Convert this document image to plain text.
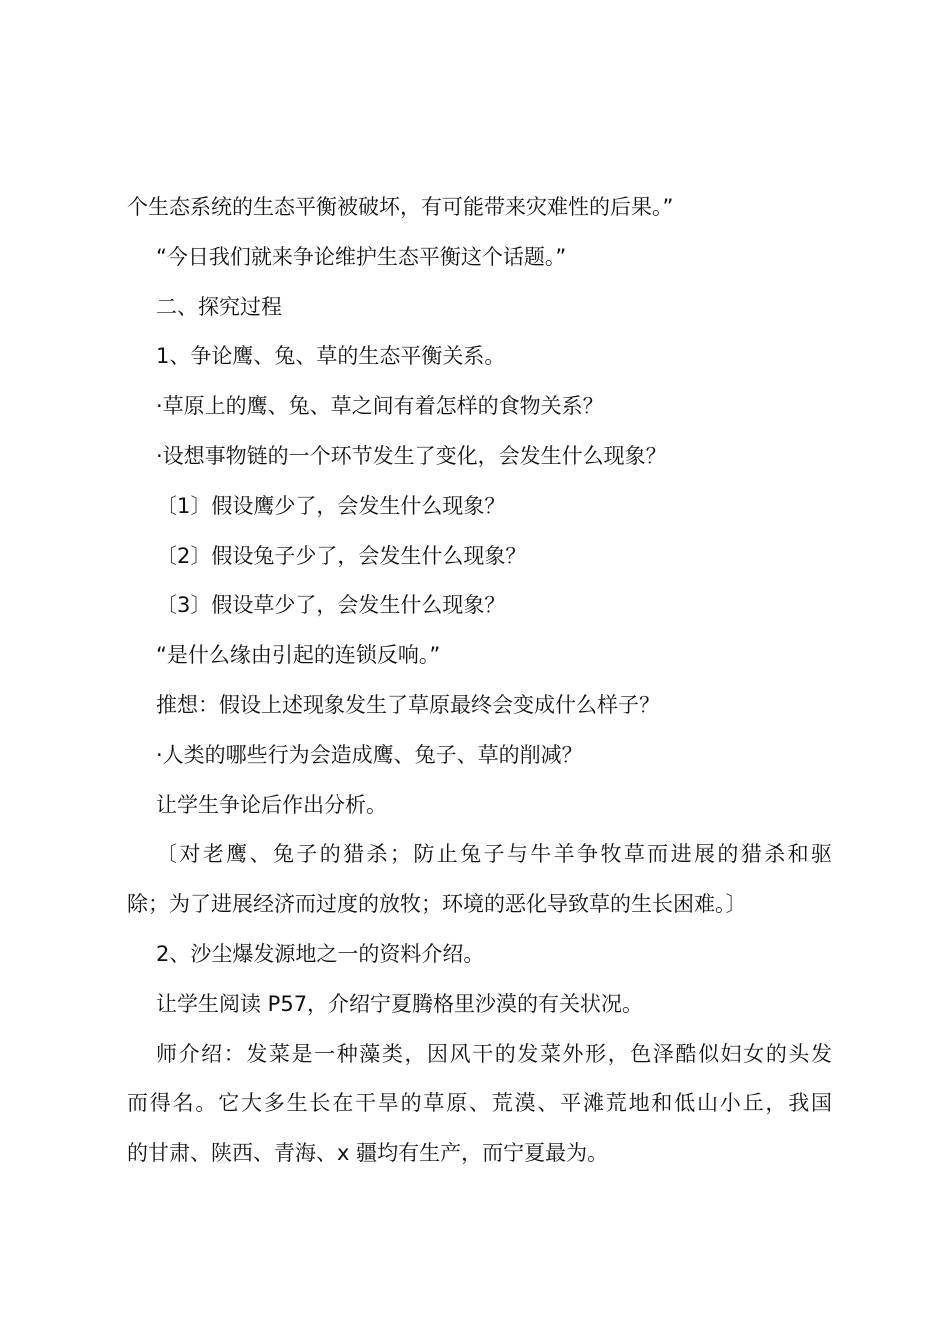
个生态系统的生态平衡被破坏，有可能带来灾难性的后果。”
“今日我们就来争论维护生态平衡这个话题。”
二、探究过程
1、争论鹰、兔、草的生态平衡关系。
·草原上的鹰、兔、草之间有着怎样的食物关系？
·设想事物链的一个环节发生了变化，会发生什么现象？
〔1〕假设鹰少了，会发生什么现象？
〔2〕假设兔子少了，会发生什么现象？
〔3〕假设草少了，会发生什么现象？
“是什么缘由引起的连锁反响。”
推想：假设上述现象发生了草原最终会变成什么样子？
·人类的哪些行为会造成鹰、兔子、草的削减？
让学生争论后作出分析。
〔对老鹰、兔子的猎杀；防止兔子与牛羊争牧草而进展的猎杀和驱
除；为了进展经济而过度的放牧；环境的恶化导致草的生长困难。〕
2、沙尘爆发源地之一的资料介绍。
让学生阅读 P57，介绍宁夏腾格里沙漠的有关状况。
师介绍：发菜是一种藻类，因风干的发菜外形，色泽酷似妇女的头发
而得名。它大多生长在干旱的草原、荒漠、平滩荒地和低山小丘，我国
的甘肃、陕西、青海、x 疆均有生产，而宁夏最为。
